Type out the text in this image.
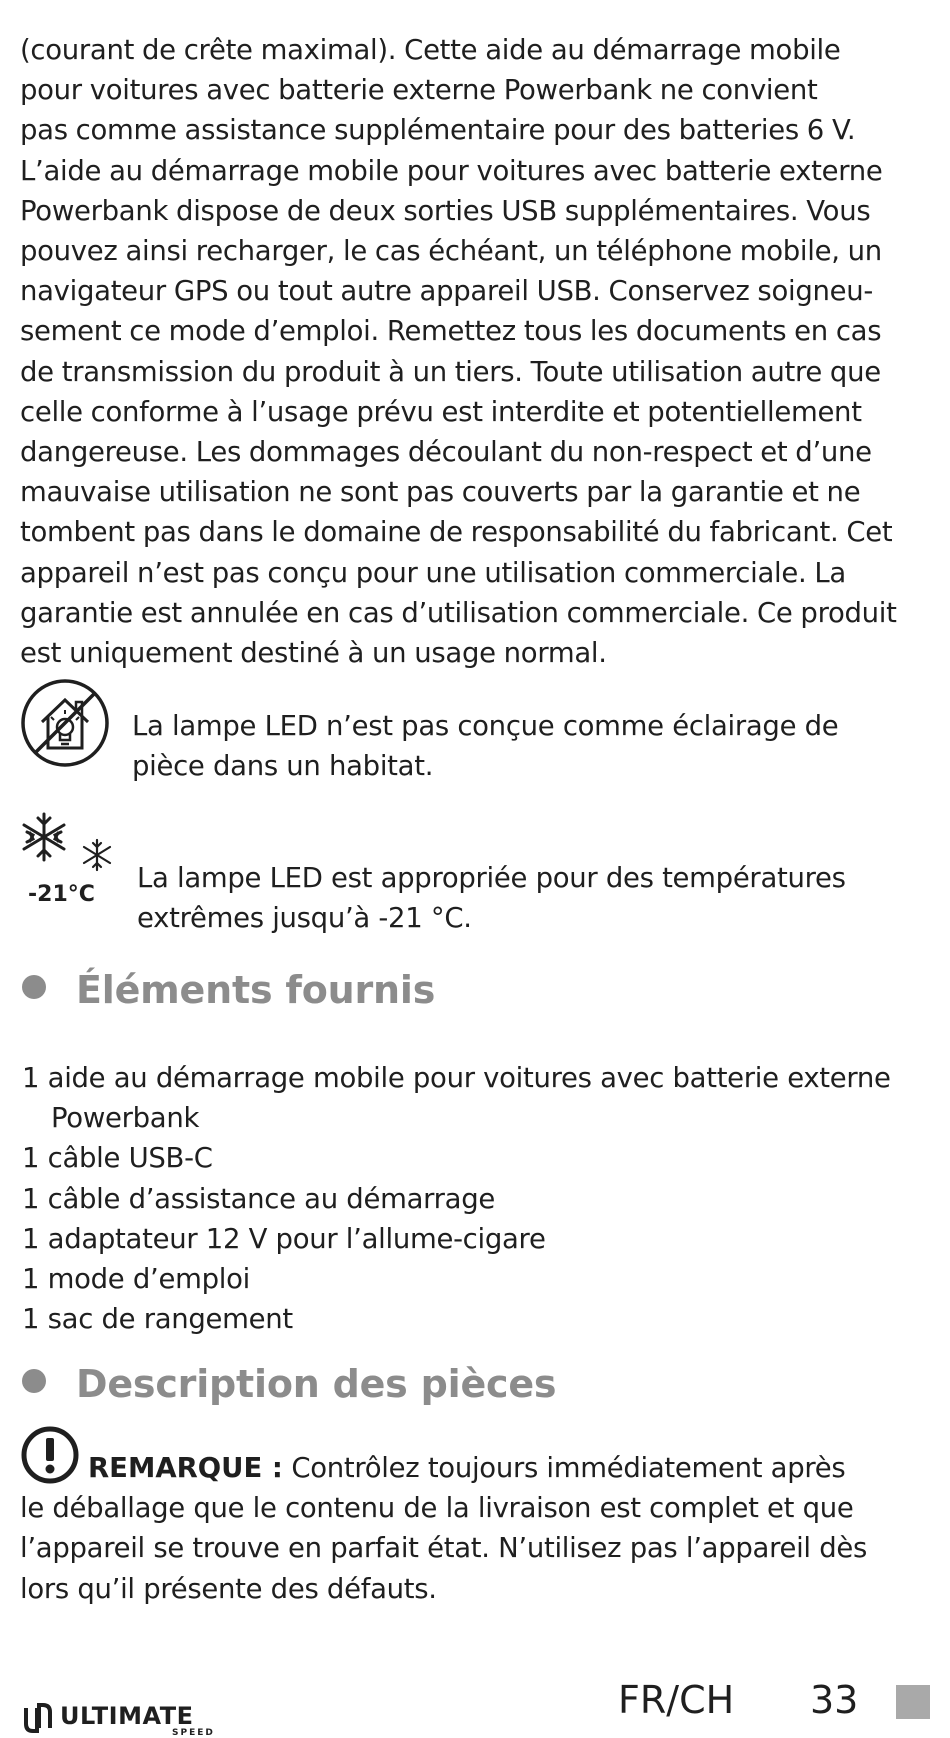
(courant de crête maximal). Cette aide au démarrage mobile
pour voitures avec batterie externe Powerbank ne convient
pas comme assistance supplémentaire pour des batteries 6 V.
L’aide au démarrage mobile pour voitures avec batterie externe
Powerbank dispose de deux sorties USB supplémentaires. Vous
pouvez ainsi recharger, le cas échéant, un téléphone mobile, un
navigateur GPS ou tout autre appareil USB. Conservez soigneu-
sement ce mode d’emploi. Remettez tous les documents en cas
de transmission du produit à un tiers. Toute utilisation autre que
celle conforme à l’usage prévu est interdite et potentiellement
dangereuse. Les dommages découlant du non-respect et d’une
mauvaise utilisation ne sont pas couverts par la garantie et ne
tombent pas dans le domaine de responsabilité du fabricant. Cet
appareil n’est pas conçu pour une utilisation commerciale. La
garantie est annulée en cas d’utilisation commerciale. Ce produit
est uniquement destiné à un usage normal.
La lampe LED n’est pas conçue comme éclairage de
pièce dans un habitat.
-21°C
La lampe LED est appropriée pour des températures
extrêmes jusqu’à -21 °C.
Éléments fournis
1 aide au démarrage mobile pour voitures avec batterie externe
Powerbank
1 câble USB-C
1 câble d’assistance au démarrage
1 adaptateur 12 V pour l’allume-cigare
1 mode d’emploi
1 sac de rangement
Description des pièces
REMARQUE : Contrôlez toujours immédiatement après
le déballage que le contenu de la livraison est complet et que
l’appareil se trouve en parfait état. N’utilisez pas l’appareil dès
lors qu’il présente des défauts.
ULTIMATE
SPEED
FR/CH 33
